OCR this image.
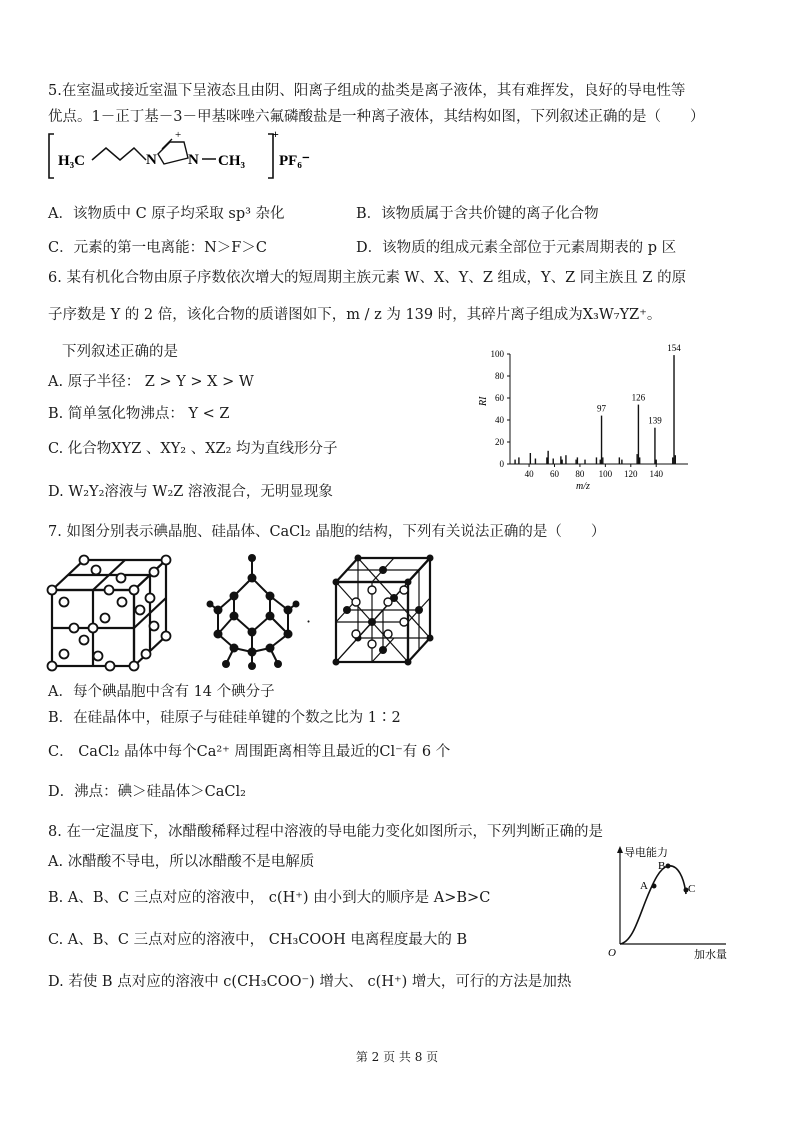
5.在室温或接近室温下呈液态且由阴、阳离子组成的盐类是离子液体，其有难挥发，良好的导电性等
优点。1－正丁基－3－甲基咪唑六氟磷酸盐是一种离子液体，其结构如图，下列叙述正确的是（　　）
H₃C	N
+
N CH₃
+
PF₆⁻
A．该物质中 C 原子均采取 sp³ 杂化	B．该物质属于含共价键的离子化合物
C．元素的第一电离能：N＞F＞C	D．该物质的组成元素全部位于元素周期表的 p 区
6. 某有机化合物由原子序数依次增大的短周期主族元素 W、X、Y、Z 组成，Y、Z 同主族且 Z 的原
子序数是 Y 的 2 倍，该化合物的质谱图如下，m / z 为 139 时，其碎片离子组成为X₃W₇YZ⁺。
下列叙述正确的是
A. 原子半径： Z > Y > X > W
B. 简单氢化物沸点： Y < Z
C. 化合物XYZ 、XY₂ 、XZ₂ 均为直线形分子
D. W₂Y₂溶液与 W₂Z 溶液混合，无明显现象
0
20
40
60
80
100
40 60 80 100 120 140
97
126
139
154
RI
m/z
7. 如图分别表示碘晶胞、硅晶体、CaCl₂ 晶胞的结构，下列有关说法正确的是（　　）
·
A．每个碘晶胞中含有 14 个碘分子
B．在硅晶体中，硅原子与硅硅单键的个数之比为 1∶2
C． CaCl₂ 晶体中每个Ca²⁺ 周围距离相等且最近的Cl⁻有 6 个
D．沸点：碘＞硅晶体＞CaCl₂
8. 在一定温度下，冰醋酸稀释过程中溶液的导电能力变化如图所示，下列判断正确的是
A. 冰醋酸不导电，所以冰醋酸不是电解质
B. A、B、C 三点对应的溶液中， c(H⁺) 由小到大的顺序是 A>B>C
C. A、B、C 三点对应的溶液中， CH₃COOH 电离程度最大的 B
D. 若使 B 点对应的溶液中 c(CH₃COO⁻) 增大、 c(H⁺) 增大，可行的方法是加热
导电能力
A
B
C
O	加水量
第 2 页 共 8 页
